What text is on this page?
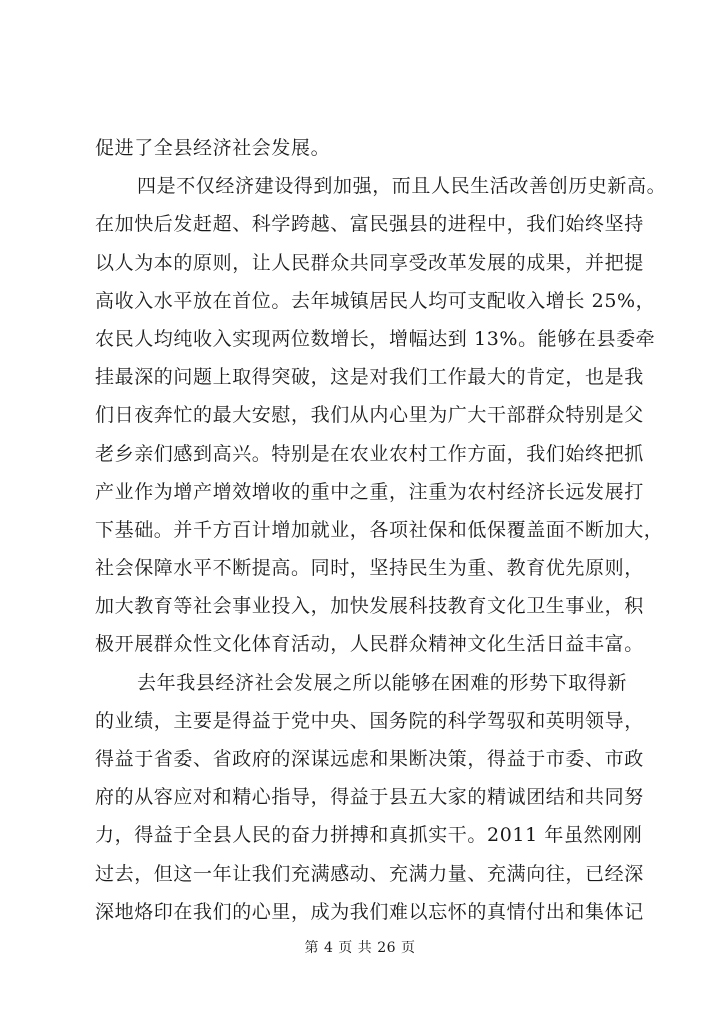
促进了全县经济社会发展。
四是不仅经济建设得到加强，而且人民生活改善创历史新高。
在加快后发赶超、科学跨越、富民强县的进程中，我们始终坚持
以人为本的原则，让人民群众共同享受改革发展的成果，并把提
高收入水平放在首位。去年城镇居民人均可支配收入增长 25%，
农民人均纯收入实现两位数增长，增幅达到 13%。能够在县委牵
挂最深的问题上取得突破，这是对我们工作最大的肯定，也是我
们日夜奔忙的最大安慰，我们从内心里为广大干部群众特别是父
老乡亲们感到高兴。特别是在农业农村工作方面，我们始终把抓
产业作为增产增效增收的重中之重，注重为农村经济长远发展打
下基础。并千方百计增加就业，各项社保和低保覆盖面不断加大，
社会保障水平不断提高。同时，坚持民生为重、教育优先原则，
加大教育等社会事业投入，加快发展科技教育文化卫生事业，积
极开展群众性文化体育活动，人民群众精神文化生活日益丰富。
去年我县经济社会发展之所以能够在困难的形势下取得新
的业绩，主要是得益于党中央、国务院的科学驾驭和英明领导，
得益于省委、省政府的深谋远虑和果断决策，得益于市委、市政
府的从容应对和精心指导，得益于县五大家的精诚团结和共同努
力，得益于全县人民的奋力拼搏和真抓实干。2011 年虽然刚刚
过去，但这一年让我们充满感动、充满力量、充满向往，已经深
深地烙印在我们的心里，成为我们难以忘怀的真情付出和集体记
第 4 页 共 26 页
